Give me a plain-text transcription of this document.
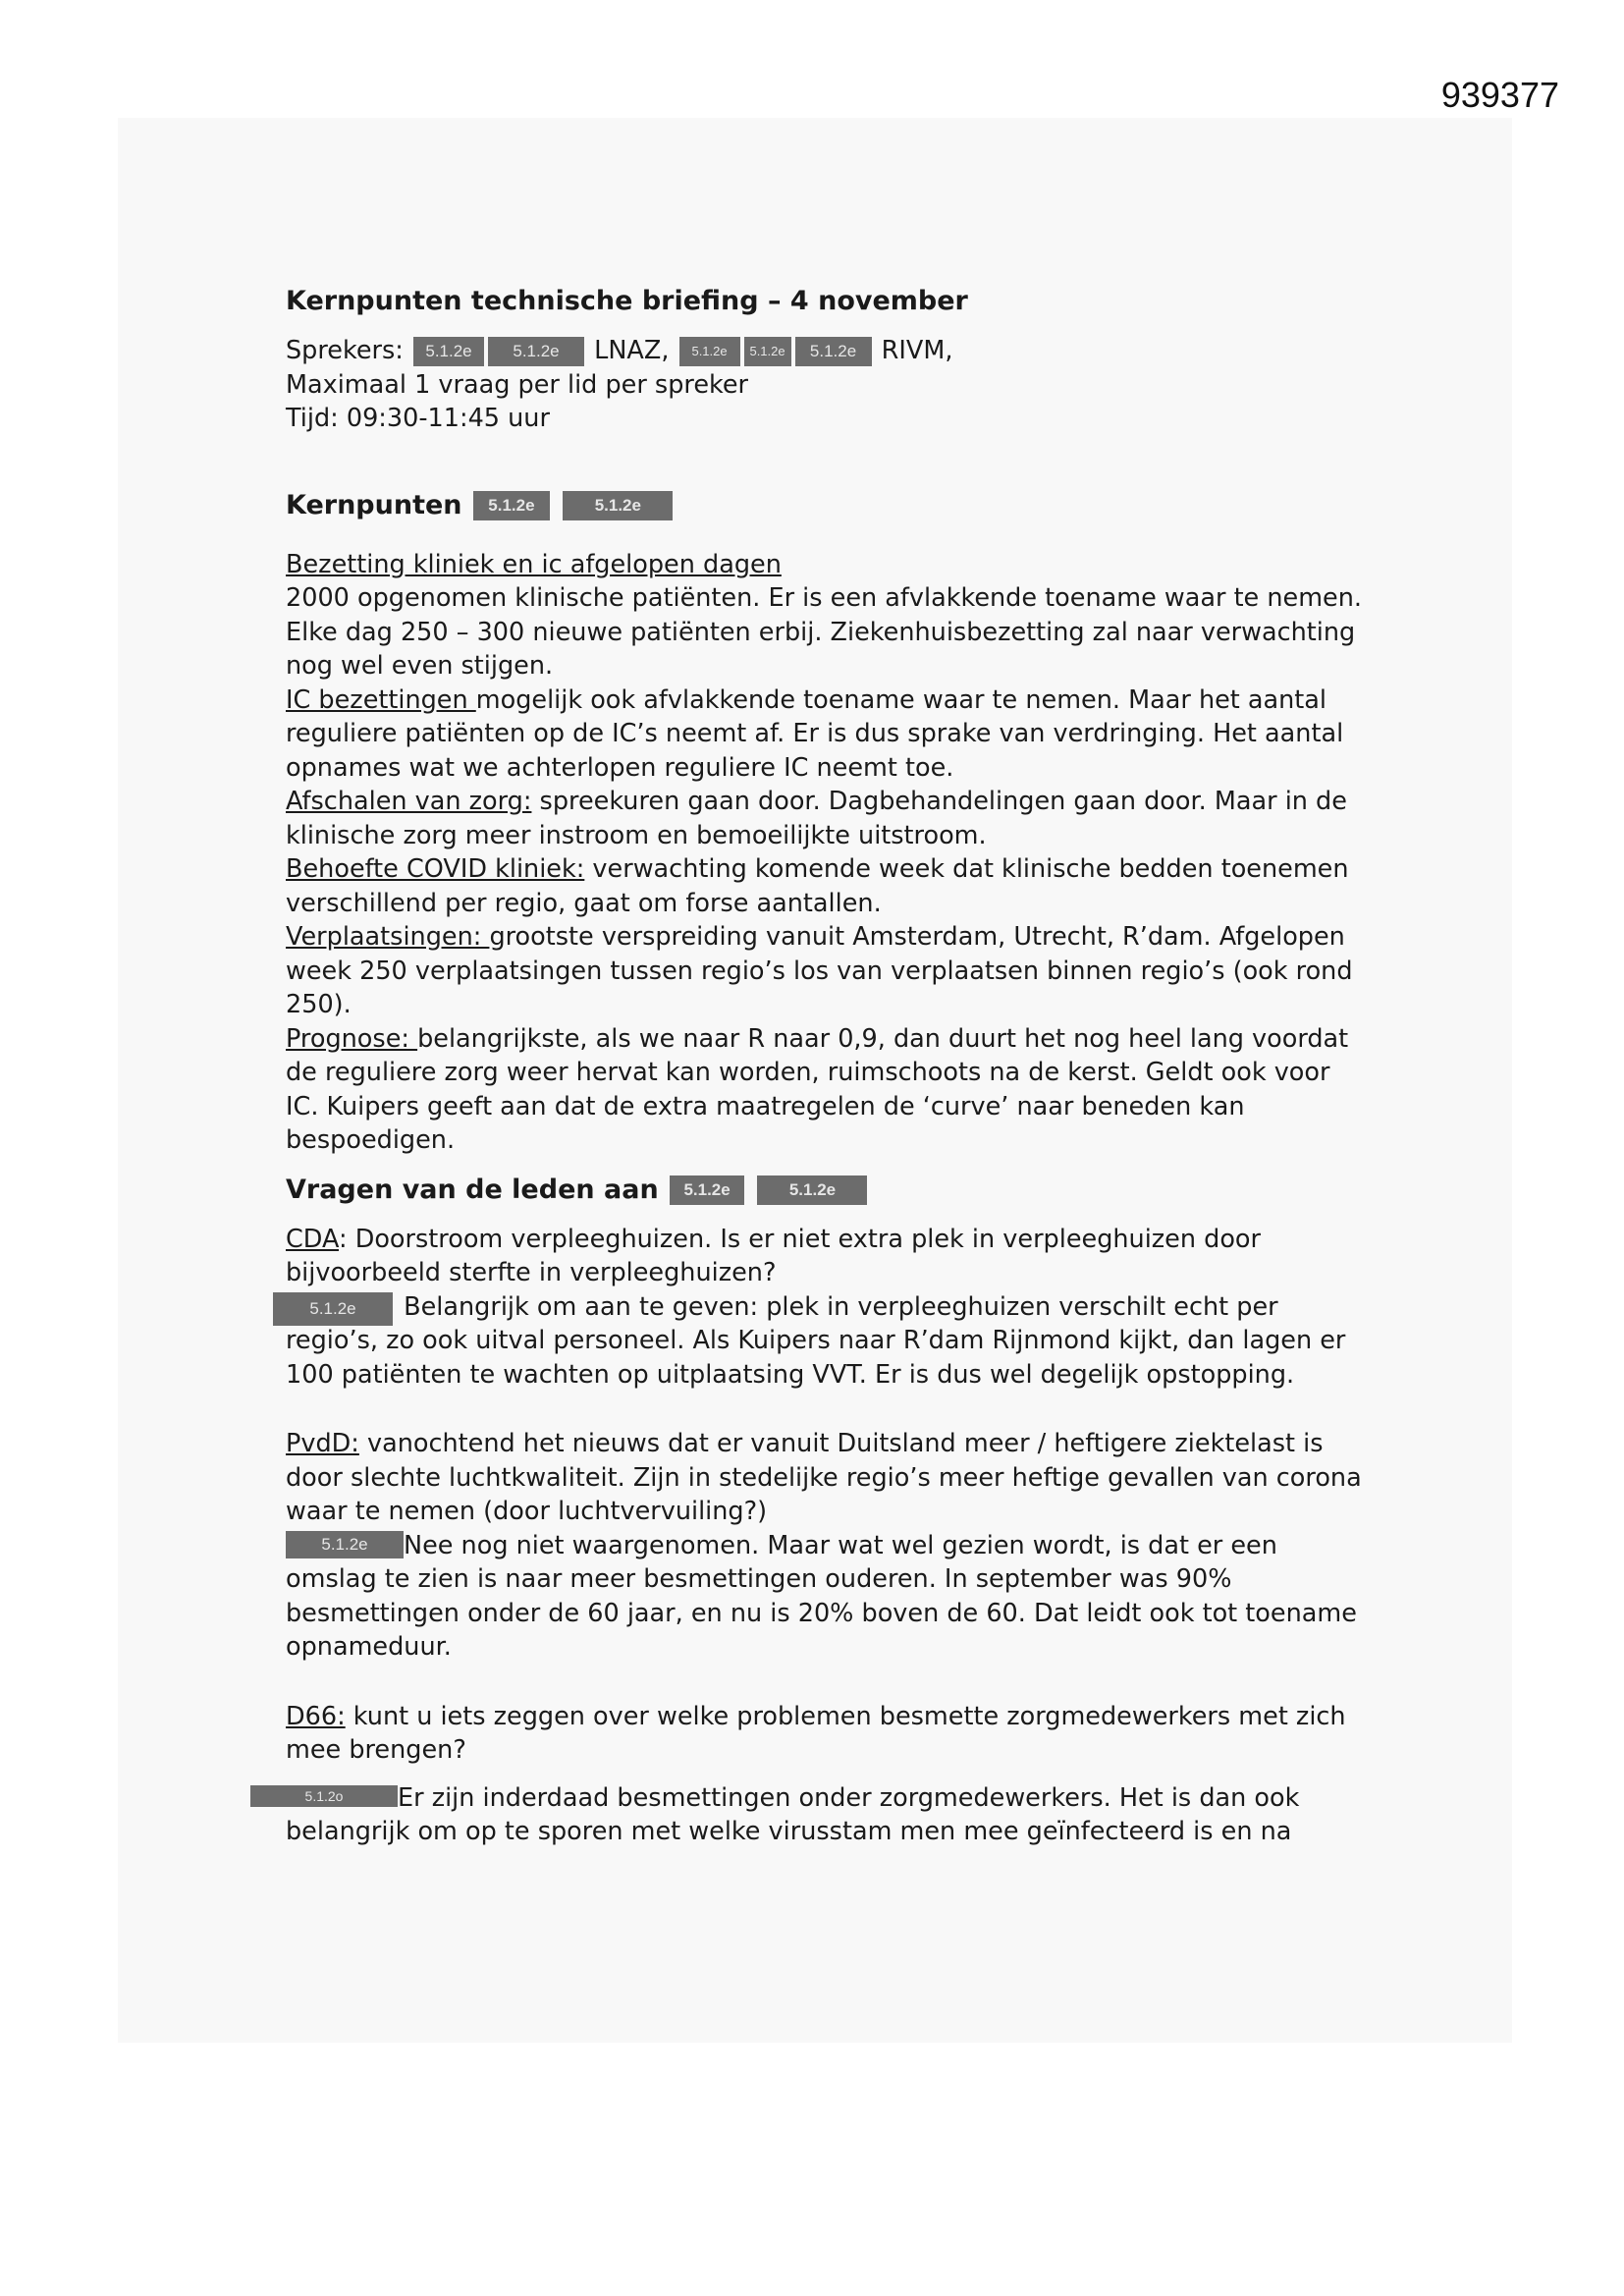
939377
Kernpunten technische briefing – 4 november

Sprekers: 5.1.2e 5.1.2e LNAZ, 5.1.2e 5.1.2e 5.1.2e RIVM,

Maximaal 1 vraag per lid per spreker

Tijd: 09:30-11:45 uur

Kernpunten 5.1.2e	5.1.2e

Bezetting kliniek en ic afgelopen dagen

2000 opgenomen klinische patiënten. Er is een afvlakkende toename waar te nemen. Elke dag 250 – 300 nieuwe patiënten erbij. Ziekenhuisbezetting zal naar verwachting nog wel even stijgen.

IC bezettingen mogelijk ook afvlakkende toename waar te nemen. Maar het aantal reguliere patiënten op de IC’s neemt af. Er is dus sprake van verdringing. Het aantal opnames wat we achterlopen reguliere IC neemt toe.

Afschalen van zorg: spreekuren gaan door. Dagbehandelingen gaan door. Maar in de klinische zorg meer instroom en bemoeilijkte uitstroom.

Behoefte COVID kliniek: verwachting komende week dat klinische bedden toenemen verschillend per regio, gaat om forse aantallen.

Verplaatsingen: grootste verspreiding vanuit Amsterdam, Utrecht, R’dam. Afgelopen week 250 verplaatsingen tussen regio’s los van verplaatsen binnen regio’s (ook rond 250).

Prognose: belangrijkste, als we naar R naar 0,9, dan duurt het nog heel lang voordat de reguliere zorg weer hervat kan worden, ruimschoots na de kerst. Geldt ook voor IC. Kuipers geeft aan dat de extra maatregelen de ‘curve’ naar beneden kan bespoedigen.

Vragen van de leden aan 5.1.2e	5.1.2e

CDA: Doorstroom verpleeghuizen. Is er niet extra plek in verpleeghuizen door bijvoorbeeld sterfte in verpleeghuizen?

5.1.2e	Belangrijk om aan te geven: plek in verpleeghuizen verschilt echt per regio’s, zo ook uitval personeel. Als Kuipers naar R’dam Rijnmond kijkt, dan lagen er 100 patiënten te wachten op uitplaatsing VVT. Er is dus wel degelijk opstopping.

PvdD: vanochtend het nieuws dat er vanuit Duitsland meer / heftigere ziektelast is door slechte luchtkwaliteit. Zijn in stedelijke regio’s meer heftige gevallen van corona waar te nemen (door luchtvervuiling?)

5.1.2e	Nee nog niet waargenomen. Maar wat wel gezien wordt, is dat er een omslag te zien is naar meer besmettingen ouderen. In september was 90% besmettingen onder de 60 jaar, en nu is 20% boven de 60. Dat leidt ook tot toename opnameduur.

D66: kunt u iets zeggen over welke problemen besmette zorgmedewerkers met zich mee brengen?

5.1.2o	Er zijn inderdaad besmettingen onder zorgmedewerkers. Het is dan ook belangrijk om op te sporen met welke virusstam men mee geïnfecteerd is en na
